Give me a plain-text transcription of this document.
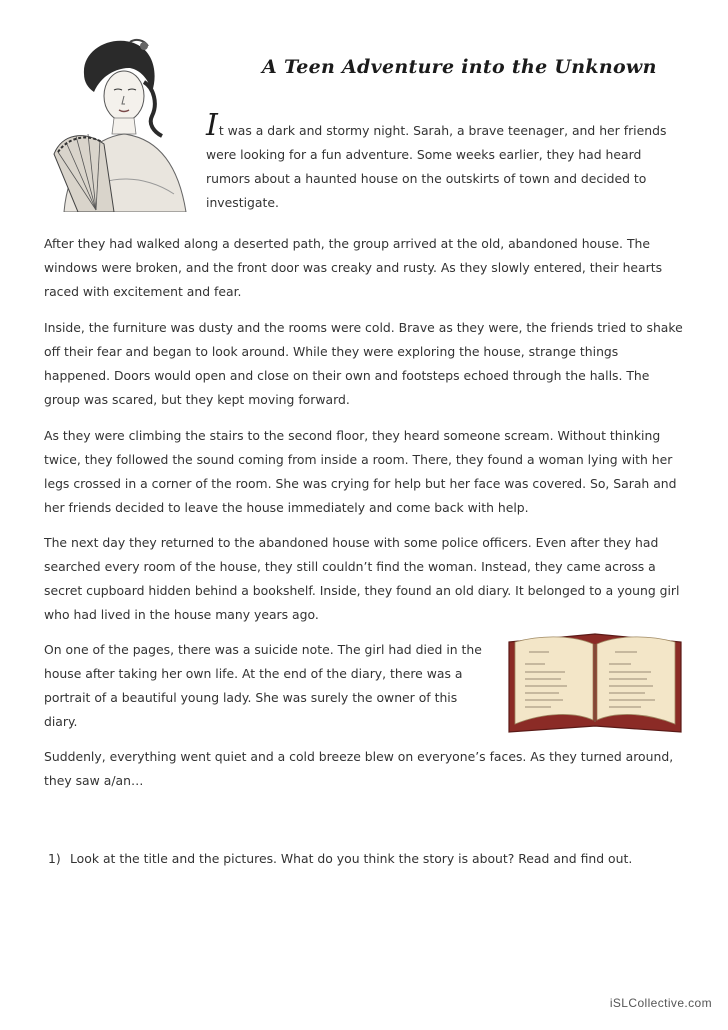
A Teen Adventure into the Unknown

It was a dark and stormy night. Sarah, a brave teenager, and her friends were looking for a fun adventure. Some weeks earlier, they had heard rumors about a haunted house on the outskirts of town and decided to investigate.

After they had walked along a deserted path, the group arrived at the old, abandoned house. The windows were broken, and the front door was creaky and rusty. As they slowly entered, their hearts raced with excitement and fear.

Inside, the furniture was dusty and the rooms were cold. Brave as they were, the friends tried to shake off their fear and began to look around. While they were exploring the house, strange things happened. Doors would open and close on their own and footsteps echoed through the halls. The group was scared, but they kept moving forward.

As they were climbing the stairs to the second floor, they heard someone scream. Without thinking twice, they followed the sound coming from inside a room. There, they found a woman lying with her legs crossed in a corner of the room. She was crying for help but her face was covered. So, Sarah and her friends decided to leave the house immediately and come back with help.

The next day they returned to the abandoned house with some police officers. Even after they had searched every room of the house, they still couldn’t find the woman. Instead, they came across a secret cupboard hidden behind a bookshelf. Inside, they found an old diary. It belonged to a young girl who had lived in the house many years ago.

On one of the pages, there was a suicide note. The girl had died in the house after taking her own life. At the end of the diary, there was a portrait of a beautiful young lady. She was surely the owner of this diary.

Suddenly, everything went quiet and a cold breeze blew on everyone’s faces. As they turned around, they saw a/an…

1) Look at the title and the pictures. What do you think the story is about? Read and find out.

iSLCollective.com
